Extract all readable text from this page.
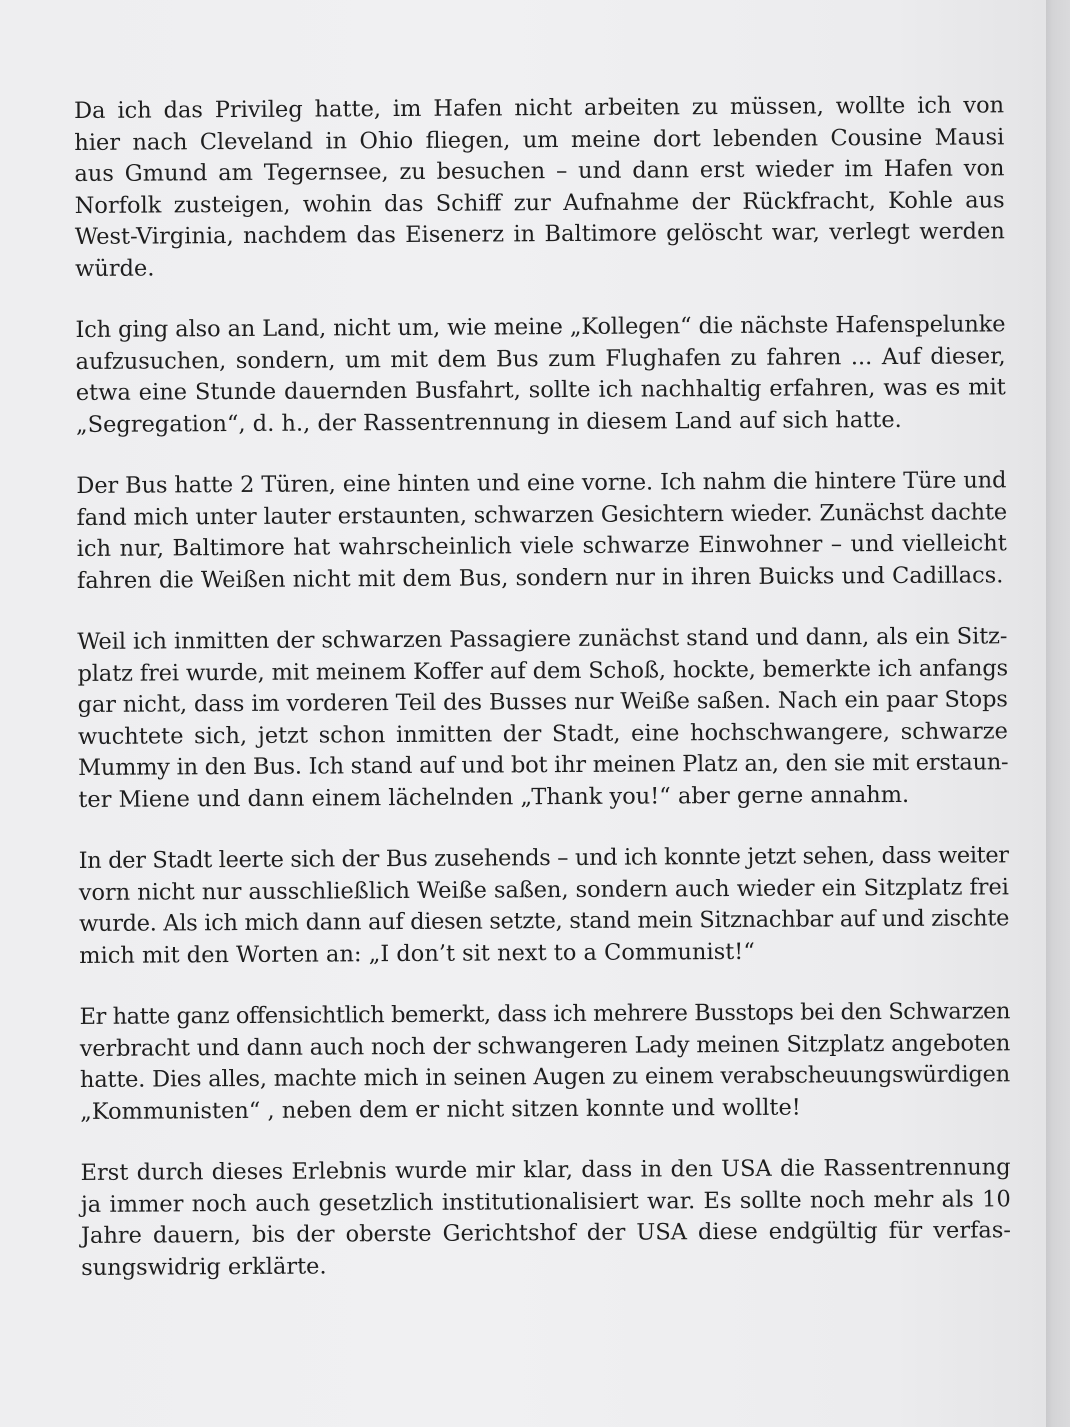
Da ich das Privileg hatte, im Hafen nicht arbeiten zu müssen, wollte ich von
hier nach Cleveland in Ohio fliegen, um meine dort lebenden Cousine Mausi
aus Gmund am Tegernsee, zu besuchen – und dann erst wieder im Hafen von
Norfolk zusteigen, wohin das Schiff zur Aufnahme der Rückfracht, Kohle aus
West-Virginia, nachdem das Eisenerz in Baltimore gelöscht war, verlegt werden
würde.

Ich ging also an Land, nicht um, wie meine „Kollegen“ die nächste Hafenspelunke
aufzusuchen, sondern, um mit dem Bus zum Flughafen zu fahren ... Auf dieser,
etwa eine Stunde dauernden Busfahrt, sollte ich nachhaltig erfahren, was es mit
„Segregation“, d. h., der Rassentrennung in diesem Land auf sich hatte.

Der Bus hatte 2 Türen, eine hinten und eine vorne. Ich nahm die hintere Türe und
fand mich unter lauter erstaunten, schwarzen Gesichtern wieder. Zunächst dachte
ich nur, Baltimore hat wahrscheinlich viele schwarze Einwohner – und vielleicht
fahren die Weißen nicht mit dem Bus, sondern nur in ihren Buicks und Cadillacs.

Weil ich inmitten der schwarzen Passagiere zunächst stand und dann, als ein Sitz-
platz frei wurde, mit meinem Koffer auf dem Schoß, hockte, bemerkte ich anfangs
gar nicht, dass im vorderen Teil des Busses nur Weiße saßen. Nach ein paar Stops
wuchtete sich, jetzt schon inmitten der Stadt, eine hochschwangere, schwarze
Mummy in den Bus. Ich stand auf und bot ihr meinen Platz an, den sie mit erstaun-
ter Miene und dann einem lächelnden „Thank you!“ aber gerne annahm.

In der Stadt leerte sich der Bus zusehends – und ich konnte jetzt sehen, dass weiter
vorn nicht nur ausschließlich Weiße saßen, sondern auch wieder ein Sitzplatz frei
wurde. Als ich mich dann auf diesen setzte, stand mein Sitznachbar auf und zischte
mich mit den Worten an: „I don’t sit next to a Communist!“

Er hatte ganz offensichtlich bemerkt, dass ich mehrere Busstops bei den Schwarzen
verbracht und dann auch noch der schwangeren Lady meinen Sitzplatz angeboten
hatte. Dies alles, machte mich in seinen Augen zu einem verabscheuungswürdigen
„Kommunisten“ , neben dem er nicht sitzen konnte und wollte!

Erst durch dieses Erlebnis wurde mir klar, dass in den USA die Rassentrennung
ja immer noch auch gesetzlich institutionalisiert war. Es sollte noch mehr als 10
Jahre dauern, bis der oberste Gerichtshof der USA diese endgültig für verfas-
sungswidrig erklärte.
